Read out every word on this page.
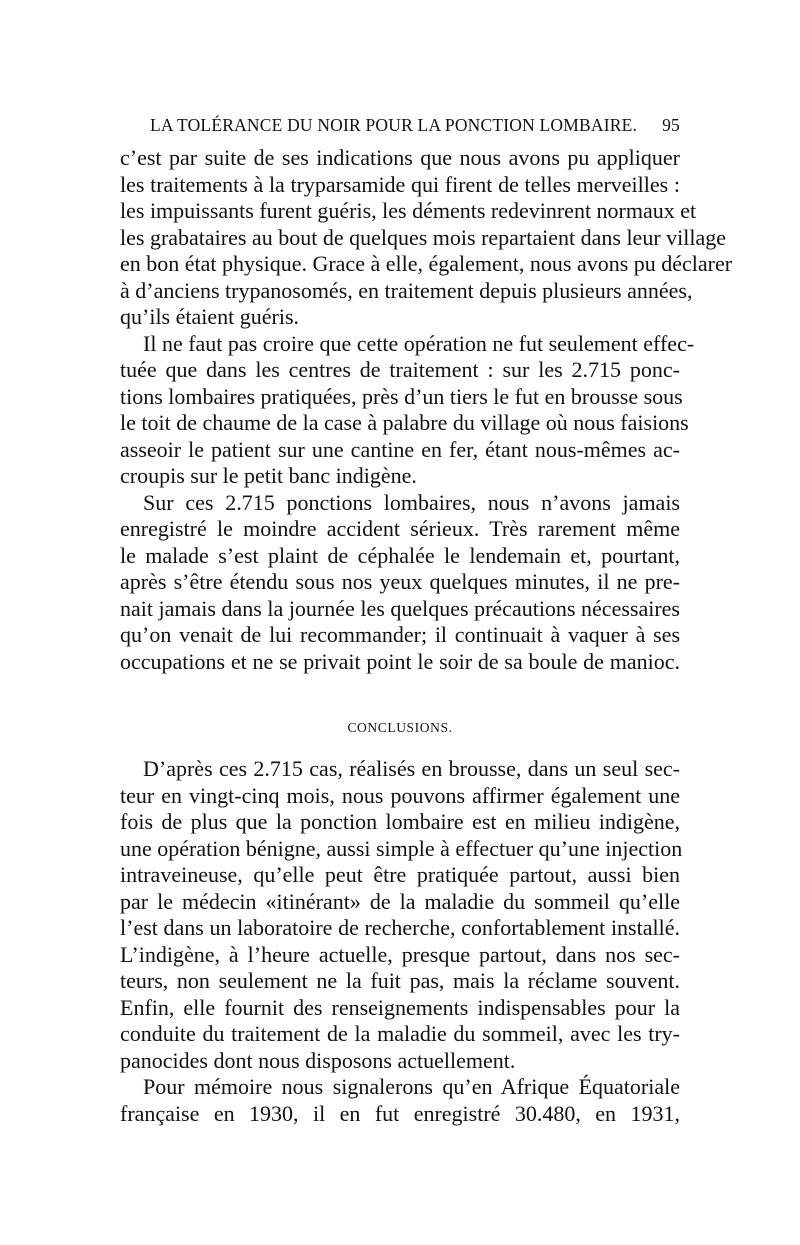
LA TOLÉRANCE DU NOIR POUR LA PONCTION LOMBAIRE. 95
c’est par suite de ses indications que nous avons pu appliquer
les traitements à la tryparsamide qui firent de telles merveilles :
les impuissants furent guéris, les déments redevinrent normaux et
les grabataires au bout de quelques mois repartaient dans leur village
en bon état physique. Grace à elle, également, nous avons pu déclarer
à d’anciens trypanosomés, en traitement depuis plusieurs années,
qu’ils étaient guéris.
Il ne faut pas croire que cette opération ne fut seulement effec-
tuée que dans les centres de traitement : sur les 2.715 ponc-
tions lombaires pratiquées, près d’un tiers le fut en brousse sous
le toit de chaume de la case à palabre du village où nous faisions
asseoir le patient sur une cantine en fer, étant nous-mêmes ac-
croupis sur le petit banc indigène.
Sur ces 2.715 ponctions lombaires, nous n’avons jamais
enregistré le moindre accident sérieux. Très rarement même
le malade s’est plaint de céphalée le lendemain et, pourtant,
après s’être étendu sous nos yeux quelques minutes, il ne pre-
nait jamais dans la journée les quelques précautions nécessaires
qu’on venait de lui recommander; il continuait à vaquer à ses
occupations et ne se privait point le soir de sa boule de manioc.
CONCLUSIONS.
D’après ces 2.715 cas, réalisés en brousse, dans un seul sec-
teur en vingt-cinq mois, nous pouvons affirmer également une
fois de plus que la ponction lombaire est en milieu indigène,
une opération bénigne, aussi simple à effectuer qu’une injection
intraveineuse, qu’elle peut être pratiquée partout, aussi bien
par le médecin «itinérant» de la maladie du sommeil qu’elle
l’est dans un laboratoire de recherche, confortablement installé.
L’indigène, à l’heure actuelle, presque partout, dans nos sec-
teurs, non seulement ne la fuit pas, mais la réclame souvent.
Enfin, elle fournit des renseignements indispensables pour la
conduite du traitement de la maladie du sommeil, avec les try-
panocides dont nous disposons actuellement.
Pour mémoire nous signalerons qu’en Afrique Équatoriale
française en 1930, il en fut enregistré 30.480, en 1931,
